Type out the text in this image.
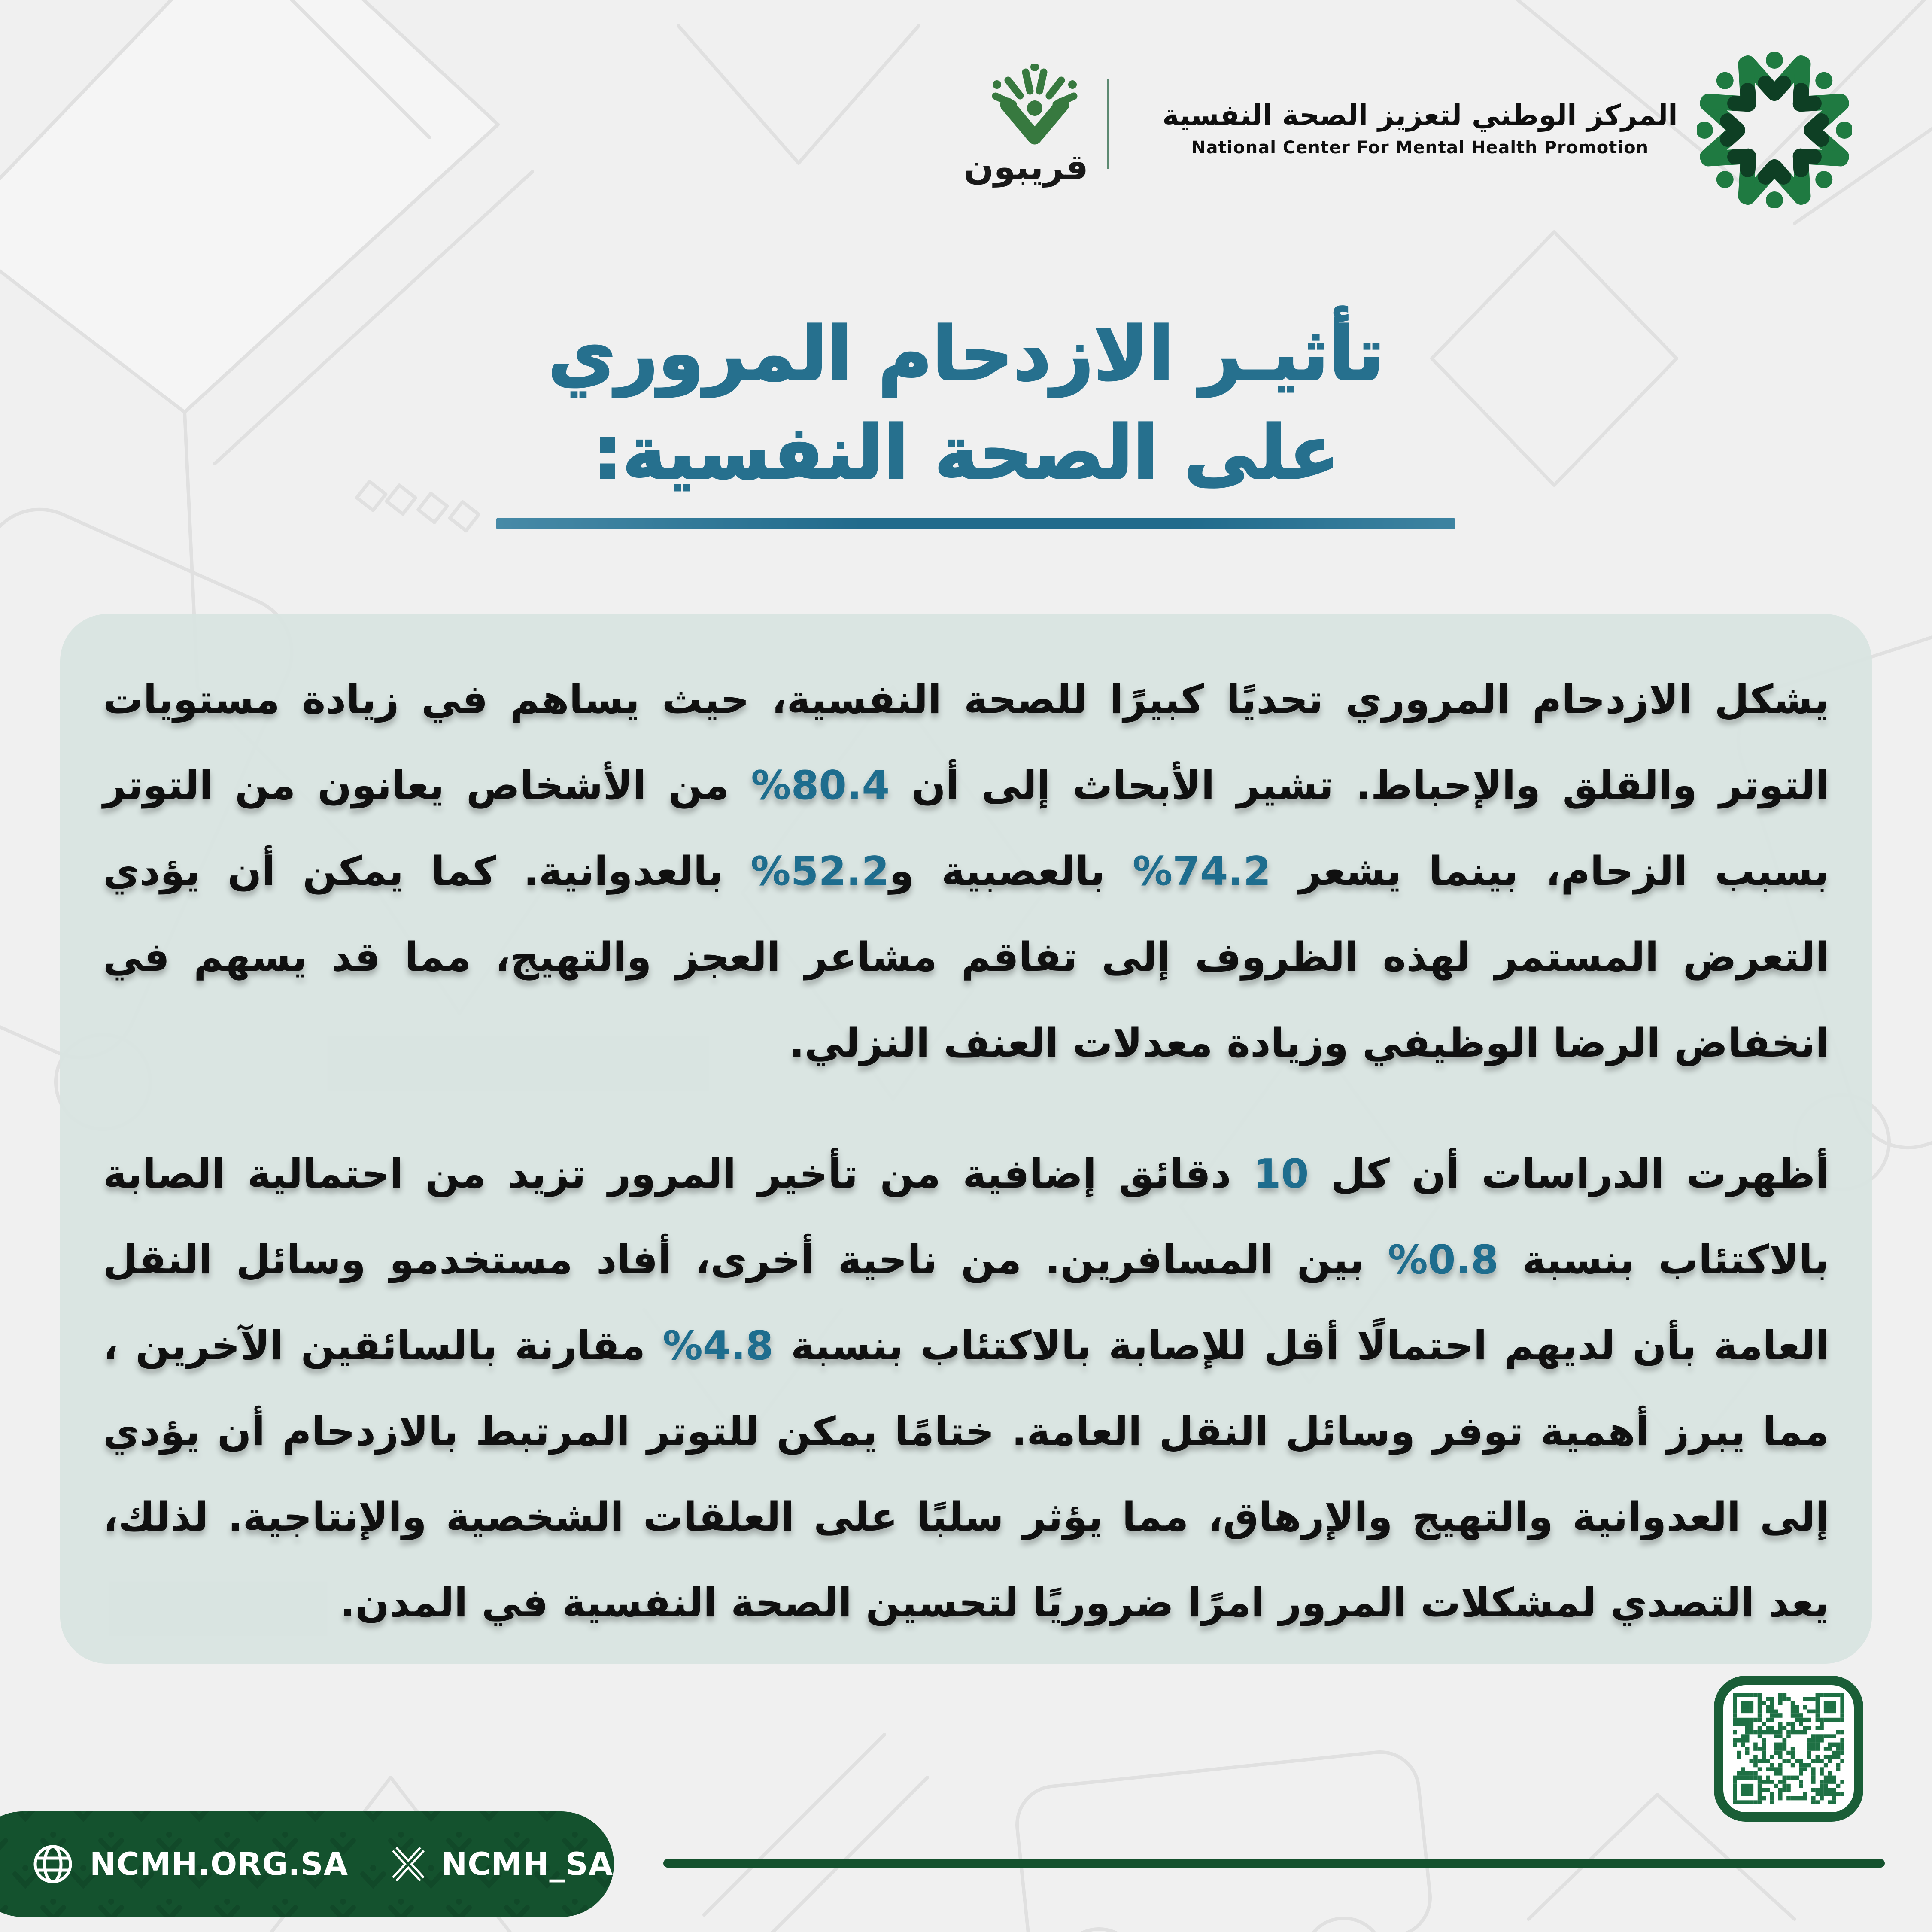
قريبون
المركز الوطني لتعزيز الصحة النفسية
National Center For Mental Health Promotion
تأثيـر الازدحام المروري
على الصحة النفسية:

يشكل الازدحام المروري تحديًا كبيرًا للصحة النفسية، حيث يساهم في زيادة مستويات التوتر والقلق والإحباط. تشير الأبحاث إلى أن 80.4% من الأشخاص يعانون من التوتر بسبب الزحام، بينما يشعر 74.2% بالعصبية و52.2% بالعدوانية. كما يمكن أن يؤدي التعرض المستمر لهذه الظروف إلى تفاقم مشاعر العجز والتهيج، مما قد يسهم في انخفاض الرضا الوظيفي وزيادة معدلات العنف النزلي.

أظهرت الدراسات أن كل 10 دقائق إضافية من تأخير المرور تزيد من احتمالية الصابة بالاكتئاب بنسبة 0.8% بين المسافرين. من ناحية أخرى، أفاد مستخدمو وسائل النقل العامة بأن لديهم احتمالًا أقل للإصابة بالاكتئاب بنسبة 4.8% مقارنة بالسائقين الآخرين ، مما يبرز أهمية توفر وسائل النقل العامة. ختامًا يمكن للتوتر المرتبط بالازدحام أن يؤدي إلى العدوانية والتهيج والإرهاق، مما يؤثر سلبًا على العلقات الشخصية والإنتاجية. لذلك، يعد التصدي لمشكلات المرور امرًا ضروريًا لتحسين الصحة النفسية في المدن.

NCMH.ORG.SA	NCMH_SA
